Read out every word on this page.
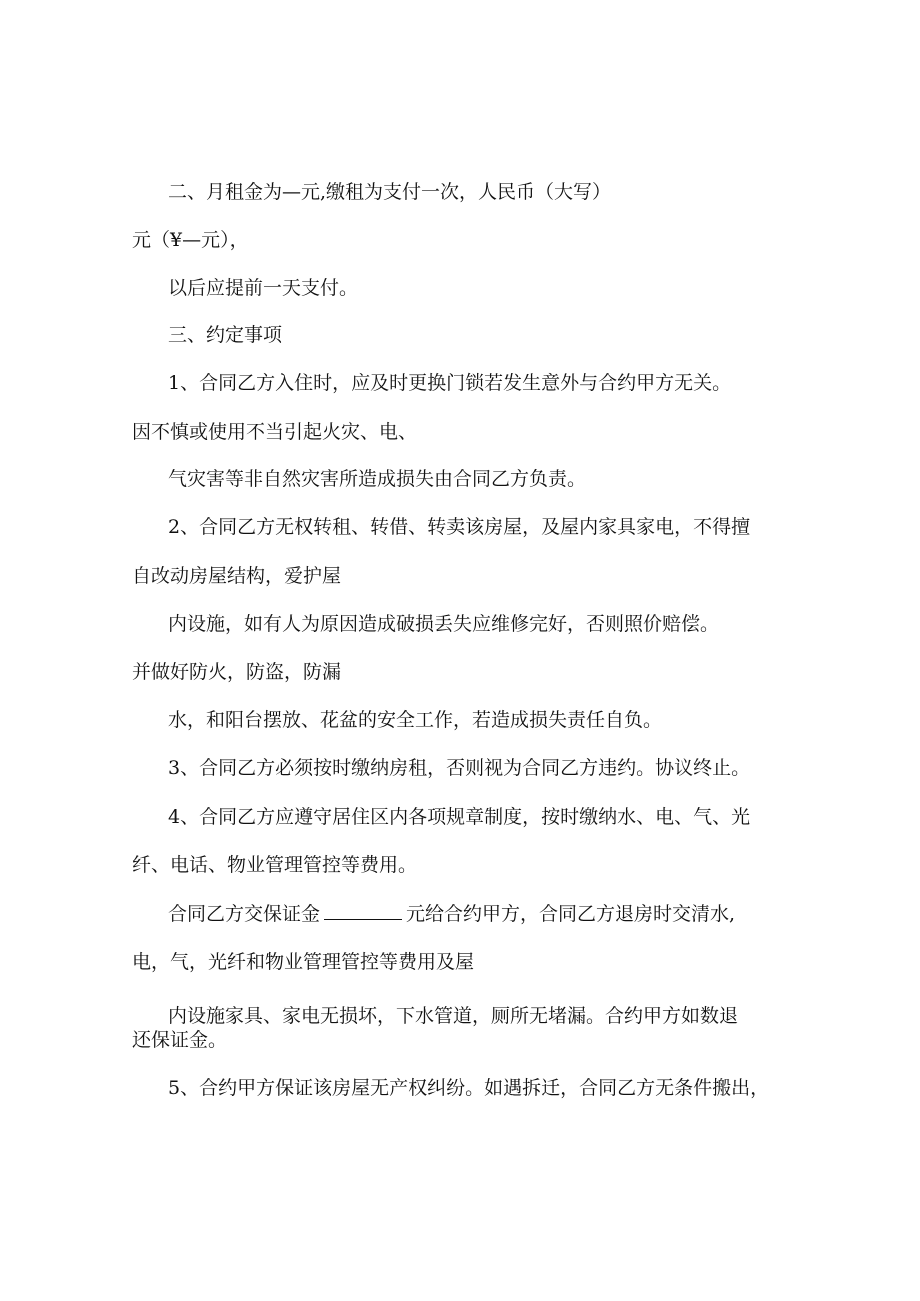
二、月租金为—元,缴租为支付一次，人民币（大写）
元（¥—元），
以后应提前一天支付。
三、约定事项
1、合同乙方入住时，应及时更换门锁若发生意外与合约甲方无关。
因不慎或使用不当引起火灾、电、
气灾害等非自然灾害所造成损失由合同乙方负责。
2、合同乙方无权转租、转借、转卖该房屋，及屋内家具家电，不得擅
自改动房屋结构，爱护屋
内设施，如有人为原因造成破损丢失应维修完好，否则照价赔偿。
并做好防火，防盗，防漏
水，和阳台摆放、花盆的安全工作，若造成损失责任自负。
3、合同乙方必须按时缴纳房租，否则视为合同乙方违约。协议终止。
4、合同乙方应遵守居住区内各项规章制度，按时缴纳水、电、气、光
纤、电话、物业管理管控等费用。
合同乙方交保证金	元给合约甲方，合同乙方退房时交清水,
电，气，光纤和物业管理管控等费用及屋
内设施家具、家电无损坏，下水管道，厕所无堵漏。合约甲方如数退
还保证金。
5、合约甲方保证该房屋无产权纠纷。如遇拆迁，合同乙方无条件搬出，
